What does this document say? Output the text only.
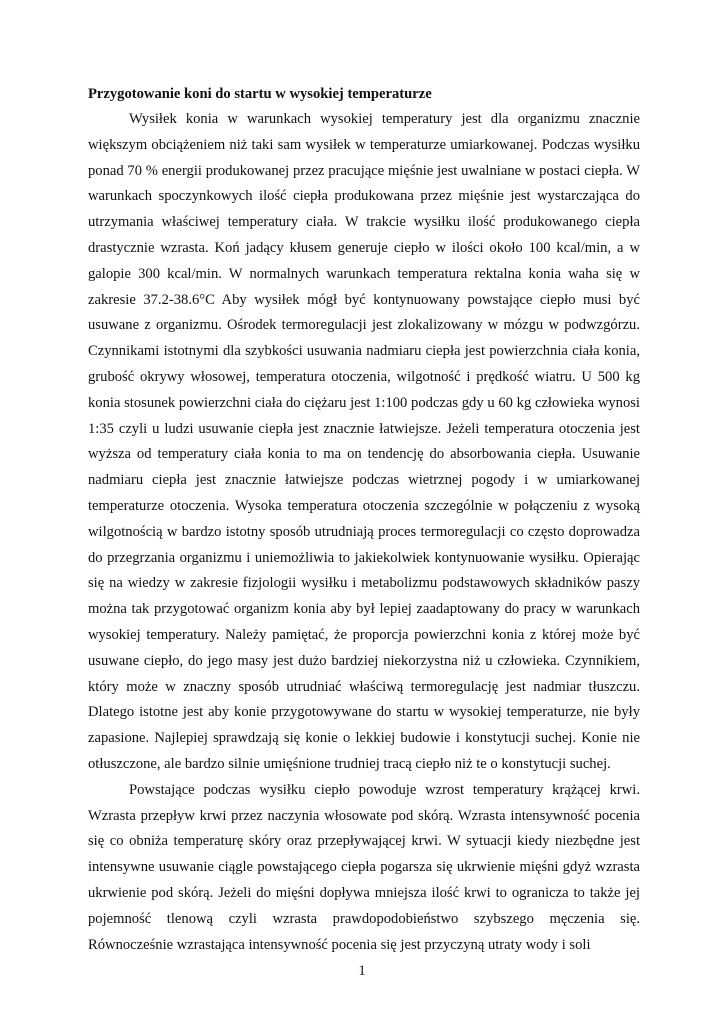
Przygotowanie koni do startu w wysokiej temperaturze

Wysiłek konia w warunkach wysokiej temperatury jest dla organizmu znacznie większym obciążeniem niż taki sam wysiłek w temperaturze umiarkowanej. Podczas wysiłku ponad 70 % energii produkowanej przez pracujące mięśnie jest uwalniane w postaci ciepła. W warunkach spoczynkowych ilość ciepła produkowana przez mięśnie jest wystarczająca do utrzymania właściwej temperatury ciała. W trakcie wysiłku ilość produkowanego ciepła drastycznie wzrasta. Koń jadący kłusem generuje ciepło w ilości około 100 kcal/min, a w galopie 300 kcal/min. W normalnych warunkach temperatura rektalna konia waha się w zakresie 37.2-38.6°C Aby wysiłek mógł być kontynuowany powstające ciepło musi być usuwane z organizmu. Ośrodek termoregulacji jest zlokalizowany w mózgu w podwzgórzu. Czynnikami istotnymi dla szybkości usuwania nadmiaru ciepła jest powierzchnia ciała konia, grubość okrywy włosowej, temperatura otoczenia, wilgotność i prędkość wiatru. U 500 kg konia stosunek powierzchni ciała do ciężaru jest 1:100 podczas gdy u 60 kg człowieka wynosi 1:35 czyli u ludzi usuwanie ciepła jest znacznie łatwiejsze. Jeżeli temperatura otoczenia jest wyższa od temperatury ciała konia to ma on tendencję do absorbowania ciepła. Usuwanie nadmiaru ciepła jest znacznie łatwiejsze podczas wietrznej pogody i w umiarkowanej temperaturze otoczenia. Wysoka temperatura otoczenia szczególnie w połączeniu z wysoką wilgotnością w bardzo istotny sposób utrudniają proces termoregulacji co często doprowadza do przegrzania organizmu i uniemożliwia to jakiekolwiek kontynuowanie wysiłku. Opierając się na wiedzy w zakresie fizjologii wysiłku i metabolizmu podstawowych składników paszy można tak przygotować organizm konia aby był lepiej zaadaptowany do pracy w warunkach wysokiej temperatury. Należy pamiętać, że proporcja powierzchni konia z której może być usuwane ciepło, do jego masy jest dużo bardziej niekorzystna niż u człowieka. Czynnikiem, który może w znaczny sposób utrudniać właściwą termoregulację jest nadmiar tłuszczu. Dlatego istotne jest aby konie przygotowywane do startu w wysokiej temperaturze, nie były zapasione. Najlepiej sprawdzają się konie o lekkiej budowie i konstytucji suchej. Konie nie otłuszczone, ale bardzo silnie umięśnione trudniej tracą ciepło niż te o konstytucji suchej.

Powstające podczas wysiłku ciepło powoduje wzrost temperatury krążącej krwi. Wzrasta przepływ krwi przez naczynia włosowate pod skórą. Wzrasta intensywność pocenia się co obniża temperaturę skóry oraz przepływającej krwi. W sytuacji kiedy niezbędne jest intensywne usuwanie ciągle powstającego ciepła pogarsza się ukrwienie mięśni gdyż wzrasta ukrwienie pod skórą. Jeżeli do mięśni dopływa mniejsza ilość krwi to ogranicza to także jej pojemność tlenową czyli wzrasta prawdopodobieństwo szybszego męczenia się. Równocześnie wzrastająca intensywność pocenia się jest przyczyną utraty wody i soli

1
